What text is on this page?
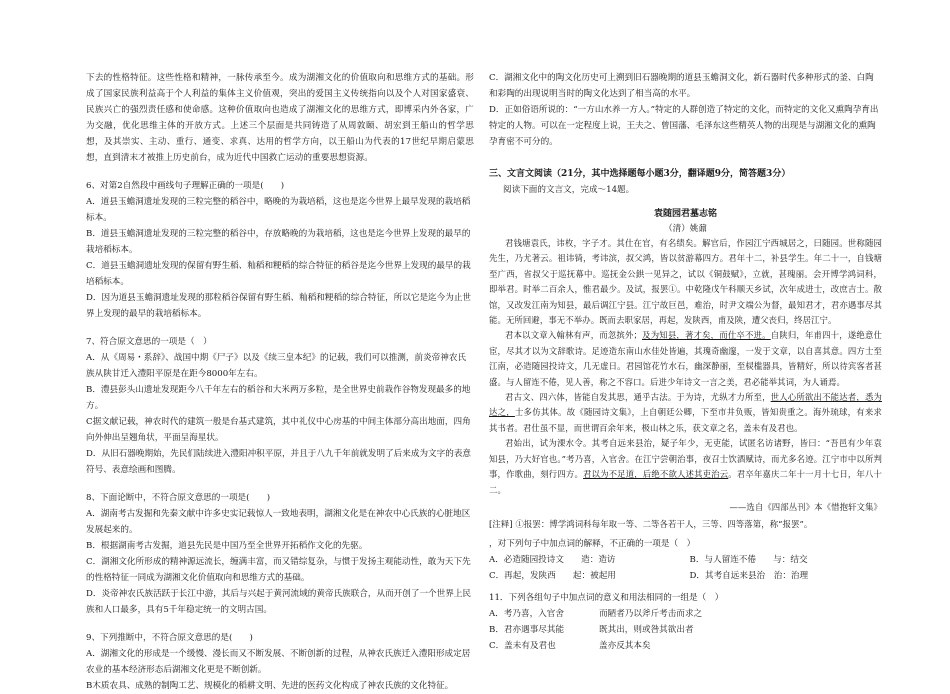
下去的性格特征。这些性格和精神，一脉传承至今。成为湖湘文化的价值取向和思维方式的基础。形成了国家民族利益高于个人利益的集体主义价值观，突出的爱国主义传统指向以及个人对国家盛衰、民族兴亡的强烈责任感和使命感。这种价值取向也造成了湖湘文化的思维方式，即博采内外各家，广为交融，优化思维主体的开放方式。上述三个层面是共同铸造了从周敦颐、胡宏到王船山的哲学思想，及其崇实、主动、重行、通变、求真、达用的哲学方向，以王船山为代表的17世纪早期启蒙思想，直到清末才被推上历史前台，成为近代中国救亡运动的重要思想资源。

6、对第2自然段中画线句子理解正确的一项是(　　)

A．道县玉蟾洞遗址发现的三粒完整的稻谷中，略晚的为栽培稻，这也是迄今世界上最早发现的栽培稻标本。

B．道县玉蟾洞遗址发现的三粒完整的稻谷中，存放略晚的为栽培稻，这也是迄今世界上发现的最早的栽培稻标本。

C．道县玉蟾洞遗址发现的保留有野生稻、籼稻和粳稻的综合特征的稻谷是迄今世界上发现的最早的栽培稻标本。

D．因为道县玉蟾洞遗址发现的那粒稻谷保留有野生稻、籼稻和粳稻的综合特征，所以它是迄今为止世界上发现的最早的栽培稻标本。

7、符合原文意思的一项是（　）

A．从《周易・系辞》、战国中期《尸子》以及《续三皇本纪》的记载，我们可以推测，前炎帝神农氏族从陕甘迁入澧阳平原是在距今8000年左右。

B．澧县彭头山遗址发现距今八千年左右的稻谷和大米两万多粒，是全世界史前栽作谷物发现最多的地方。

C据文献记载，神农时代的建筑一般是台基式建筑，其中礼仪中心房基的中间主体部分高出地面，四角向外伸出呈翘角状，平面呈海星状。

D．从旧石器晚期始，先民们陆续进入澧阳冲积平原，并且于八九千年前就发明了后来成为文字的表意符号、表意绘画和图腾。

8、下面论断中，不符合原文意思的一项是(　　)

A．湖南考古发掘和先秦文献中许多史实记载惊人一致地表明，湖湘文化是在神农中心氏族的心脏地区发展起来的。

B．根据湖南考古发掘，道县先民是中国乃至全世界开拓稻作文化的先驱。

C．湖湘文化所形成的精神源远流长，缠满丰富，而又错综复杂，与惯于发扬主观能动性，敢为天下先的性格特征一同成为湖湘文化价值取向和思维方式的基础。

D．炎帝神农氏族活跃于长江中游，其后与兴起于黄河流域的黄帝氏族联合，从而开创了一个世界上民族和人口最多，具有5千年稳定统一的文明古国。

9、下列推断中，不符合原文意思的是(　　)

A．湖湘文化的形成是一个缓慢、漫长而又不断发展、不断创新的过程，从神农氏族迁入澧阳形成定居农业的基本经济形态后湖湘文化更是不断创新。

B木质农具、成熟的制陶工艺、规模化的稻耕文明、先进的医药文化构成了神农氏族的文化特征。

C．湖湘文化中的陶文化历史可上溯到旧石器晚期的道县玉蟾洞文化，新石器时代多种形式的釜、白陶和彩陶的出现说明当时的陶文化达到了相当高的水平。

D．正如俗语所说的：“一方山水养一方人。”特定的人群创造了特定的文化，而特定的文化又熏陶孕育出特定的人物。可以在一定程度上说，王夫之、曾国藩、毛泽东这些精英人物的出现是与湖湘文化的熏陶孕育密不可分的。

三、文言文阅读（21分，其中选择题每小题3分，翻译题9分，简答题3分）

阅读下面的文言文，完成～14题。

袁随园君墓志铭

（清）姚鼐

君钱塘袁氏，讳枚，字子才。其仕在官，有名绩矣。解官后，作园江宁西城居之，曰随园。世称随园先生，乃尤著云。祖讳锜，考讳滨，叔父鸿，皆以贫游幕四方。君年十二，补县学生。年二十一，自钱塘至广西，省叔父于巡抚幕中。巡抚金公鉷一见异之，试以《铜鼓赋》，立就，甚瑰丽。会开博学鸿词科，即举君。时举二百余人，惟君最少。及试，报罢①。中乾隆戊午科顺天乡试，次年成进士，改庶吉士。散馆，又改发江南为知县，最后调江宁县。江宁故巨邑，难治，时尹文端公为督，最知君才，君亦遇事尽其能。无所回避，事无不举办。既而去职家居，再起，发陕西，甫及陕，遭父丧归，终居江宁。

君本以文章入翰林有声，而忽摈外；及为知县，著才矣，而仕卒不进。自陕归，年甫四十，遂绝意仕宦，尽其才以为文辞歌诗。足迹造东南山水佳处皆遍，其瑰奇幽邃，一发于文章，以自喜其意。四方士至江南，必造随园投诗文，几无虚日。君园馆花竹水石，幽深静丽，至棂槛器具，皆精好，所以待宾客者甚盛。与人留连不倦，见人善，称之不容口。后进少年诗文一言之美，君必能举其词，为人诵焉。

君古文、四六体，皆能自发其思，通乎古法。于为诗，尤纵才力所至，世人心所欲出不能达者，悉为达之，士多仿其体。故《随园诗文集》，上自朝廷公卿，下至市井负贩，皆知贵重之。海外琉球，有来求其书者。君仕虽不显，而世谓百余年来，极山林之乐，获文章之名，盖未有及君也。

君始出，试为溧水令。其考自远来县治，疑子年少，无吏能，试匿名访诸野，皆曰：“吾邑有少年袁知县，乃大好官也。”考乃喜，入官舍。在江宁尝朝治事，夜召士饮酒赋诗，而尤多名迹。江宁市中以所判事，作歌曲，刻行四方。君以为不足道，后绝不欲人述其吏治云。君卒年嘉庆二年十一月十七日，年八十二。

——选自《四部丛刊》本《惜抱轩文集》

[注释] ①报罢：博学鸿词科每年取一等、二等各若干人，三等、四等落第，称“报罢”。

，对下列句子中加点词的解释，不正确的一项是（　）

A．必造随园投诗文　　造：造访	B．与人留连不倦　　与：结交
C．再起，发陕西　　起：被起用	D．其考自远来县治　治：治理

11．下列各组句子中加点词的意义和用法相同的一组是（　）

A．考乃喜，入官舍	而陋者乃以斧斤考击而求之
B．君亦遇事尽其能	既其出，则或咎其欲出者
C．盖未有及君也	盖亦反其本矣
